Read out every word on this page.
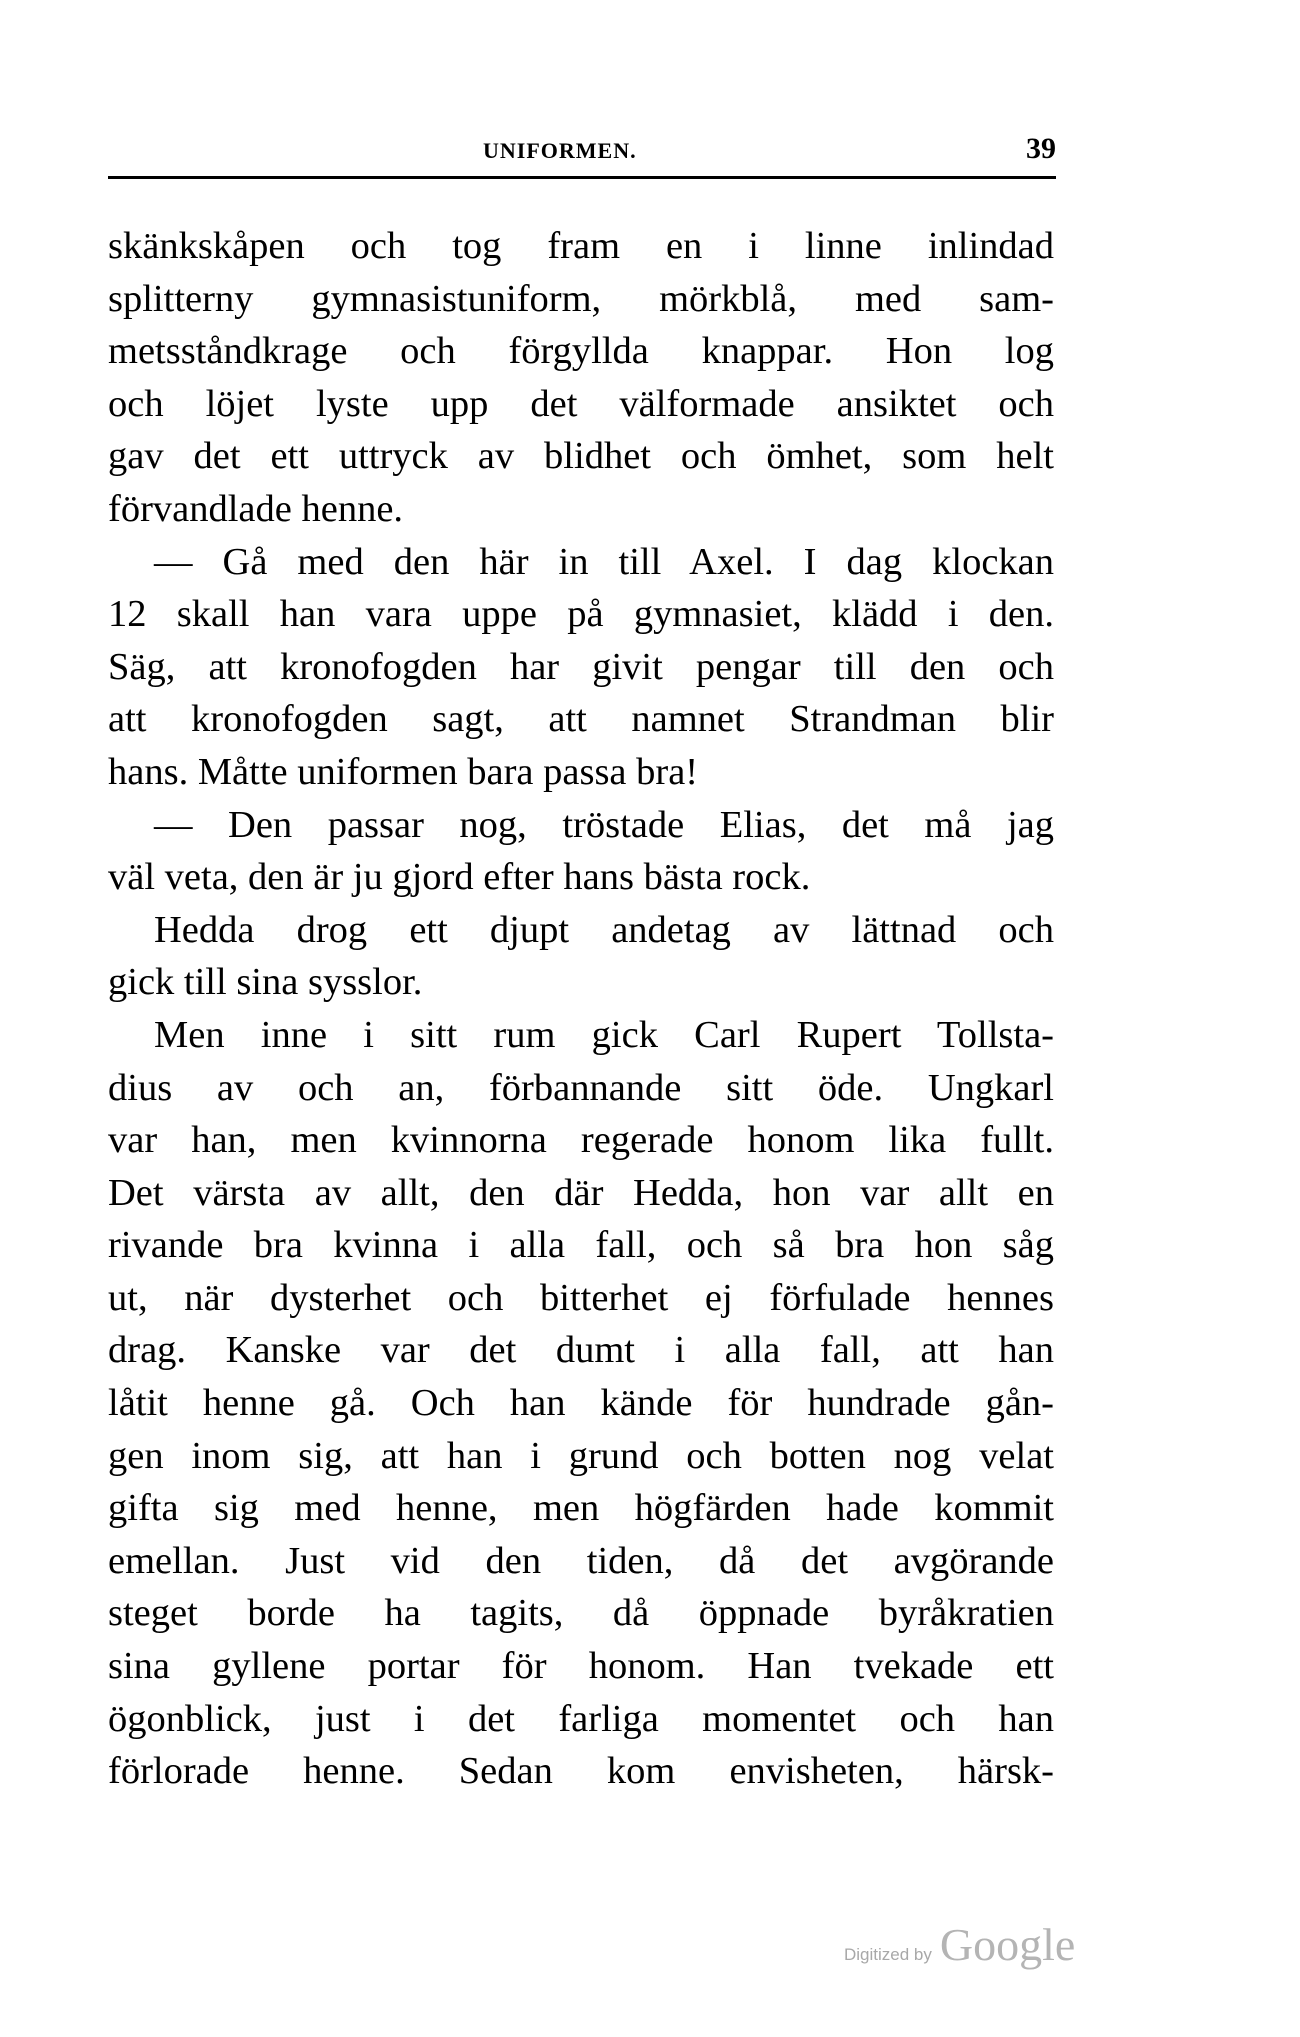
UNIFORMEN.	39
skänkskåpen och tog fram en i linne inlindad
splitterny gymnasistuniform, mörkblå, med sam-
metsståndkrage och förgyllda knappar. Hon log
och löjet lyste upp det välformade ansiktet och
gav det ett uttryck av blidhet och ömhet, som helt
förvandlade henne.
— Gå med den här in till Axel. I dag klockan
12 skall han vara uppe på gymnasiet, klädd i den.
Säg, att kronofogden har givit pengar till den och
att kronofogden sagt, att namnet Strandman blir
hans. Måtte uniformen bara passa bra!
— Den passar nog, tröstade Elias, det må jag
väl veta, den är ju gjord efter hans bästa rock.
Hedda drog ett djupt andetag av lättnad och
gick till sina sysslor.
Men inne i sitt rum gick Carl Rupert Tollsta-
dius av och an, förbannande sitt öde. Ungkarl
var han, men kvinnorna regerade honom lika fullt.
Det värsta av allt, den där Hedda, hon var allt en
rivande bra kvinna i alla fall, och så bra hon såg
ut, när dysterhet och bitterhet ej förfulade hennes
drag. Kanske var det dumt i alla fall, att han
låtit henne gå. Och han kände för hundrade gån-
gen inom sig, att han i grund och botten nog velat
gifta sig med henne, men högfärden hade kommit
emellan. Just vid den tiden, då det avgörande
steget borde ha tagits, då öppnade byråkratien
sina gyllene portar för honom. Han tvekade ett
ögonblick, just i det farliga momentet och han
förlorade henne. Sedan kom envisheten, härsk-
Digitized by Google
